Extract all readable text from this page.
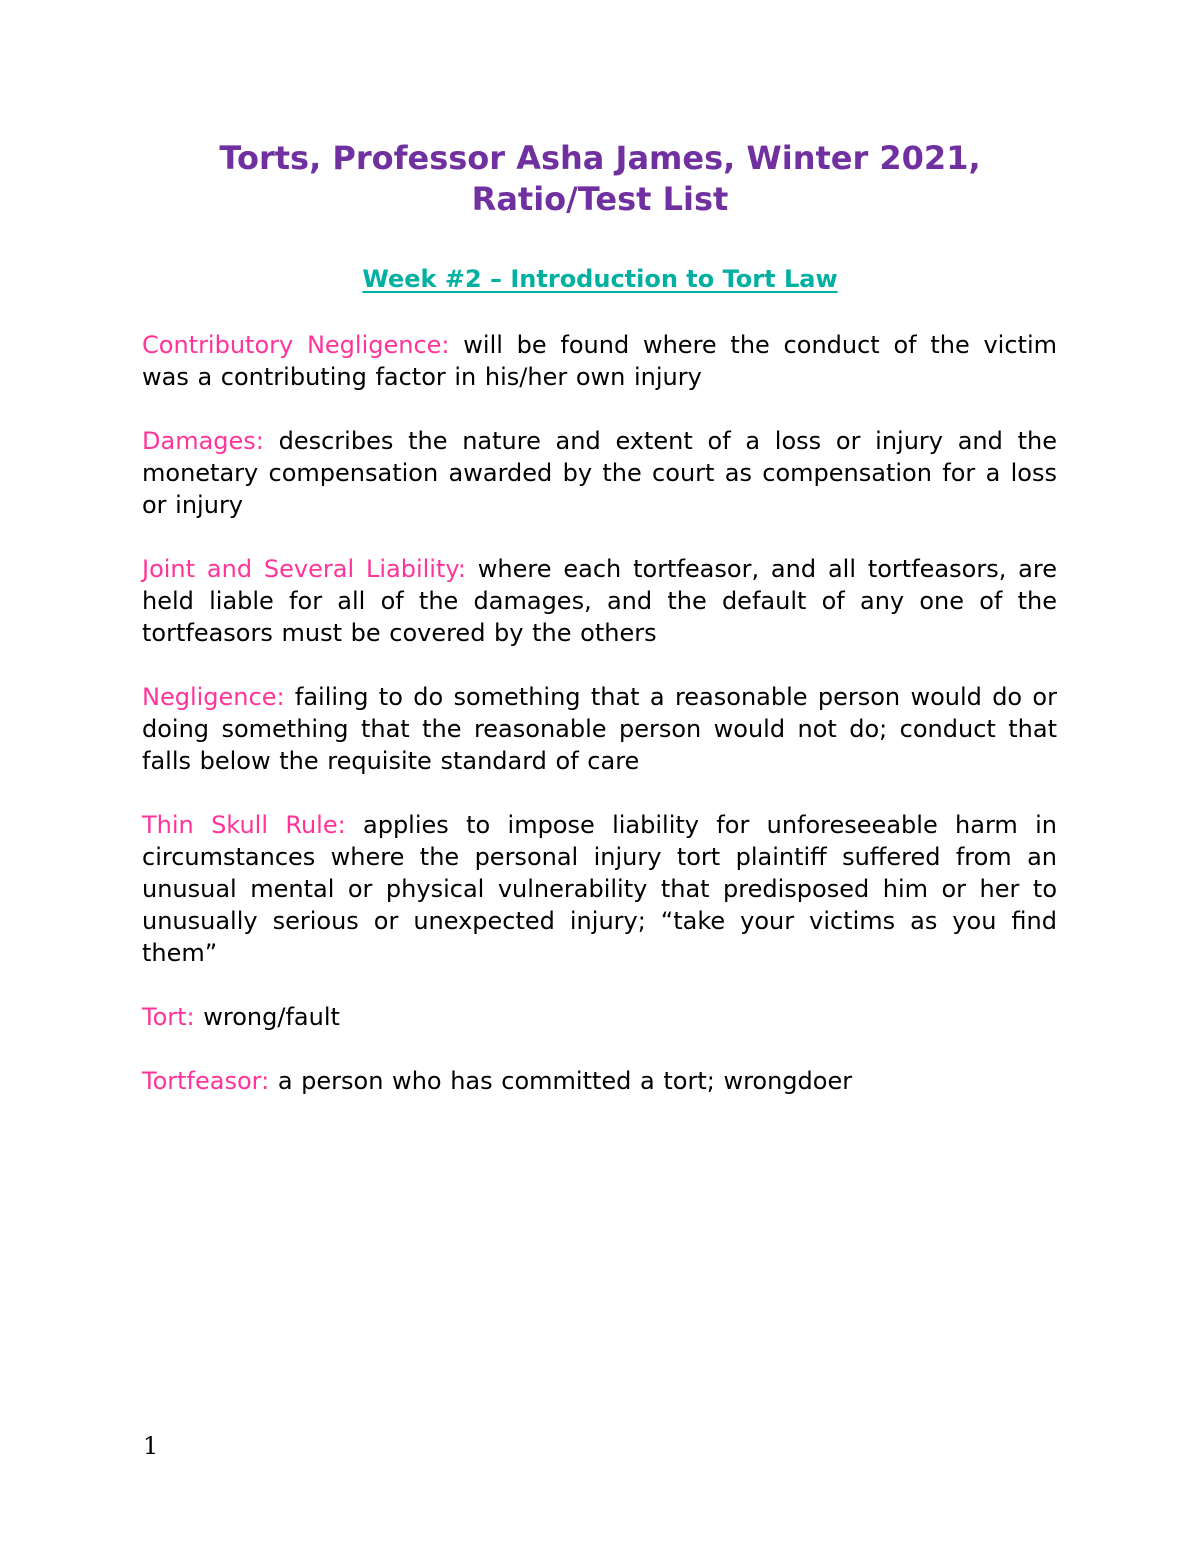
Torts, Professor Asha James, Winter 2021,
Ratio/Test List
Week #2 – Introduction to Tort Law

Contributory Negligence: will be found where the conduct of the victim was a contributing factor in his/her own injury

Damages: describes the nature and extent of a loss or injury and the monetary compensation awarded by the court as compensation for a loss or injury

Joint and Several Liability: where each tortfeasor, and all tortfeasors, are held liable for all of the damages, and the default of any one of the tortfeasors must be covered by the others

Negligence: failing to do something that a reasonable person would do or doing something that the reasonable person would not do; conduct that falls below the requisite standard of care

Thin Skull Rule: applies to impose liability for unforeseeable harm in circumstances where the personal injury tort plaintiff suffered from an unusual mental or physical vulnerability that predisposed him or her to unusually serious or unexpected injury; “take your victims as you find them”

Tort: wrong/fault

Tortfeasor: a person who has committed a tort; wrongdoer

1
